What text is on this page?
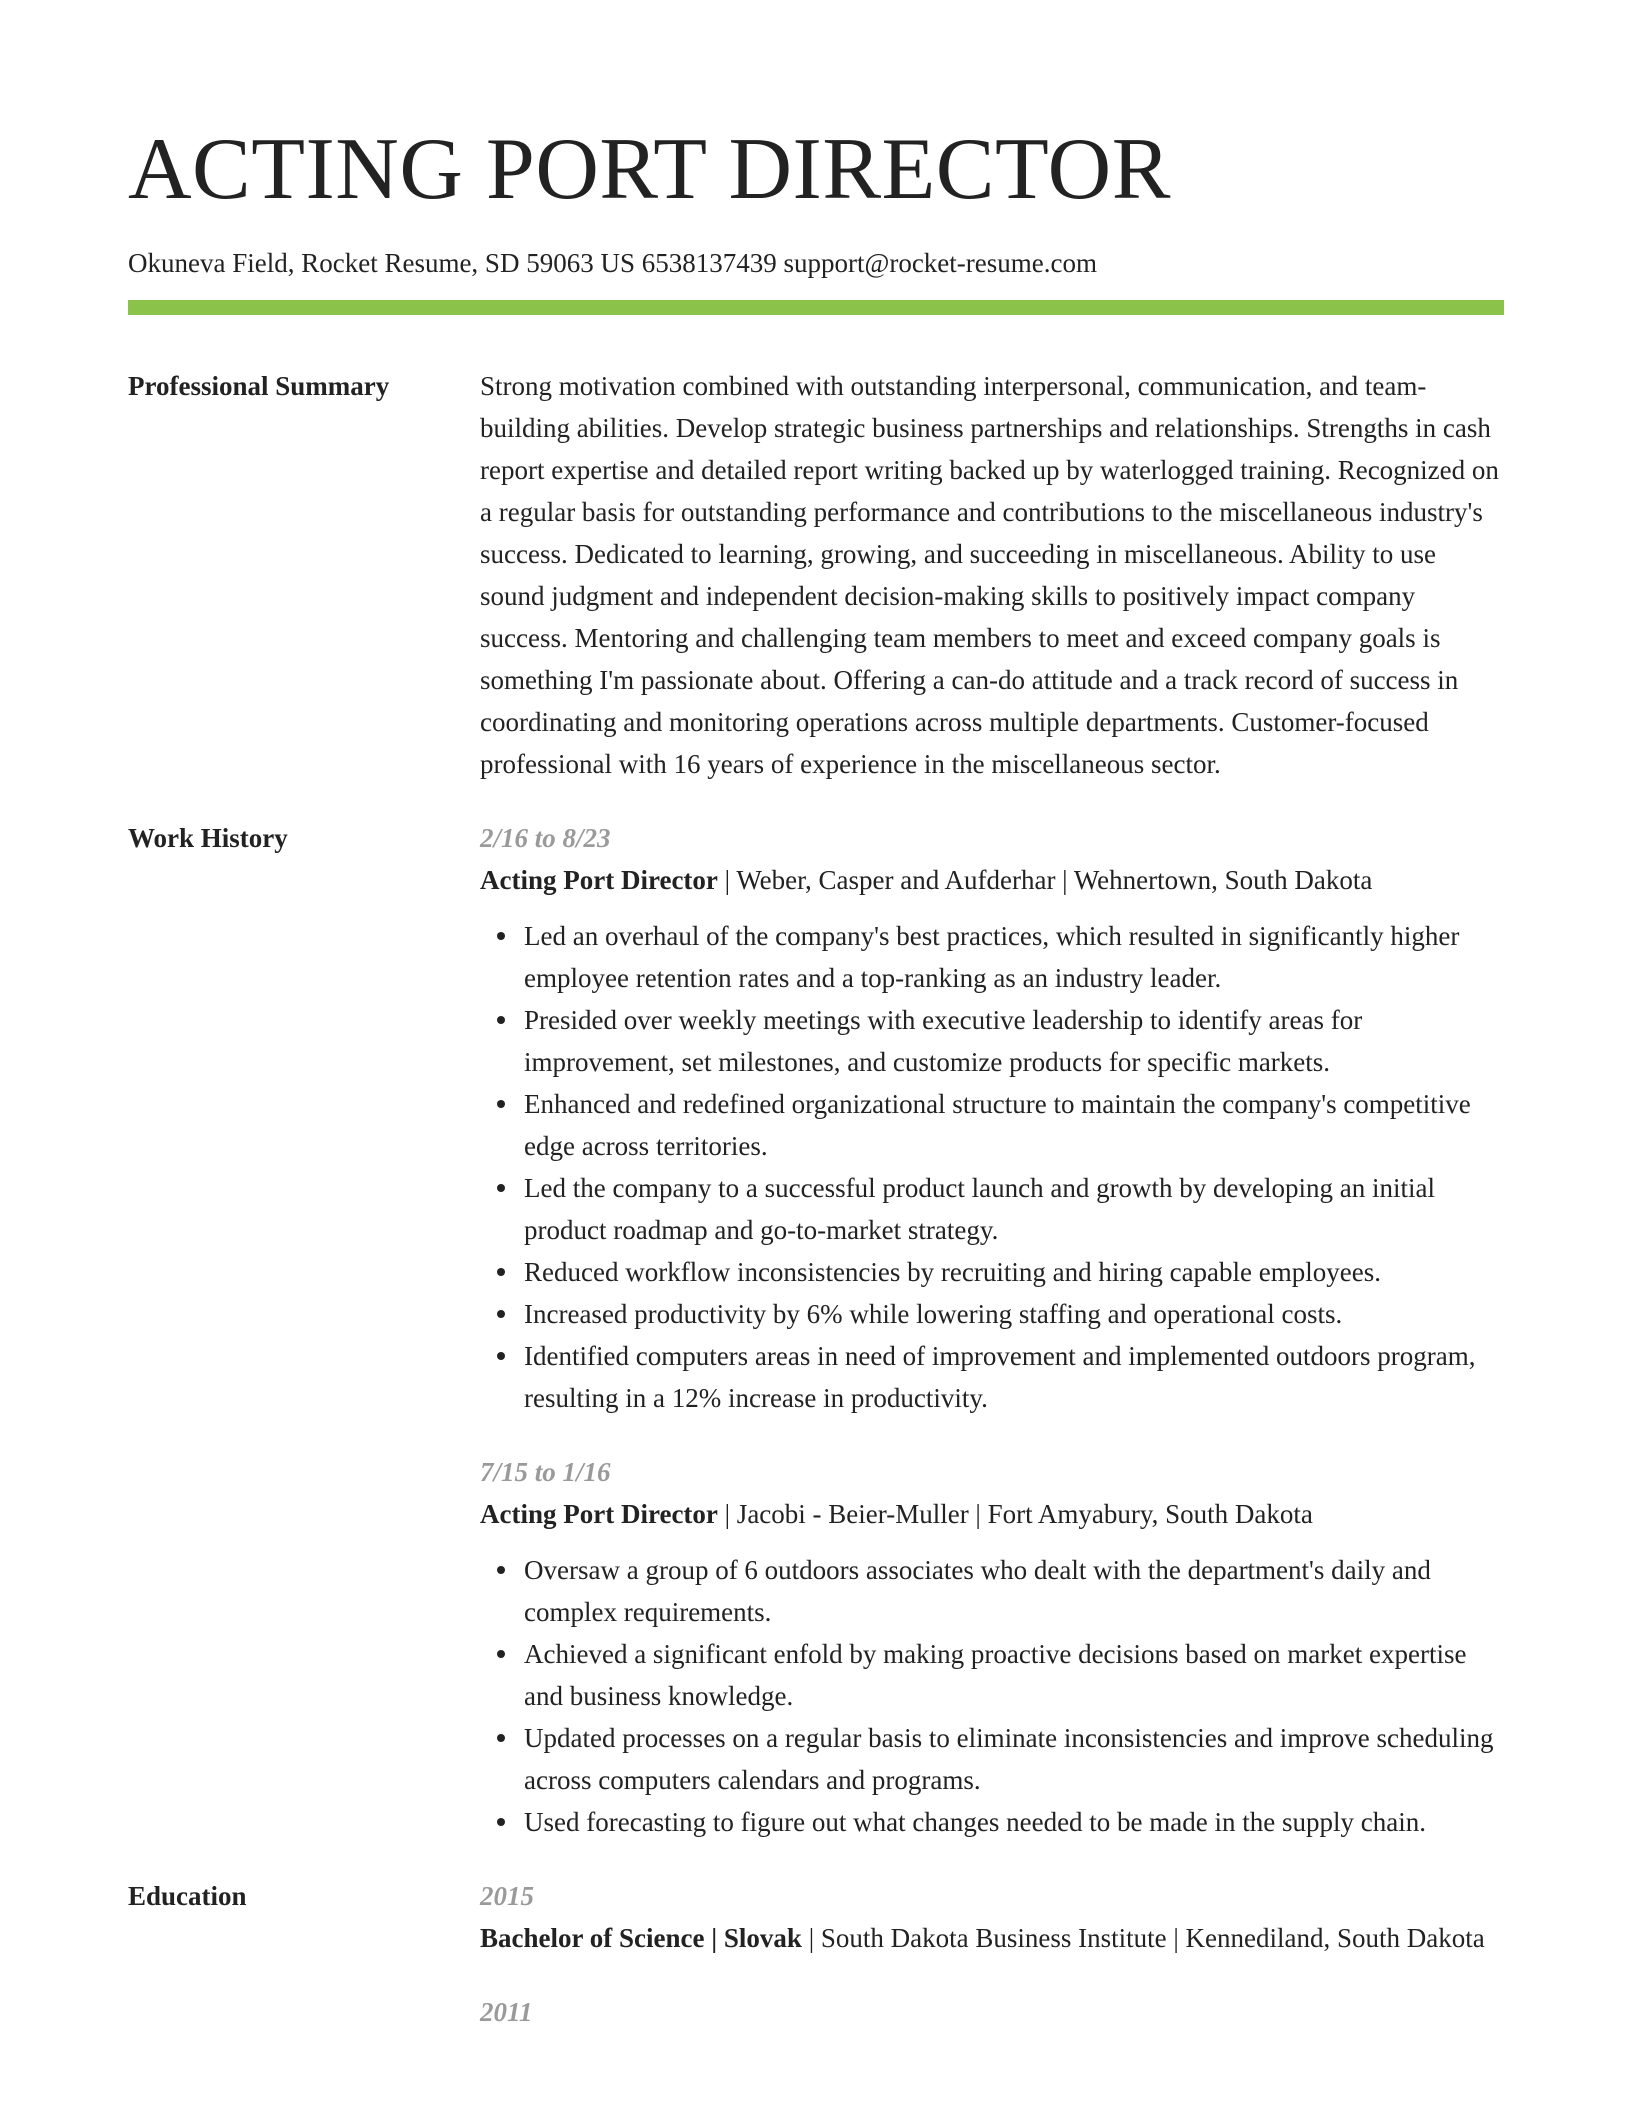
ACTING PORT DIRECTOR
Okuneva Field, Rocket Resume, SD 59063 US 6538137439 support@rocket-resume.com
Professional Summary	Strong motivation combined with outstanding interpersonal, communication, and team-building abilities. Develop strategic business partnerships and relationships. Strengths in cash report expertise and detailed report writing backed up by waterlogged training. Recognized on a regular basis for outstanding performance and contributions to the miscellaneous industry's success. Dedicated to learning, growing, and succeeding in miscellaneous. Ability to use sound judgment and independent decision-making skills to positively impact company success. Mentoring and challenging team members to meet and exceed company goals is something I'm passionate about. Offering a can-do attitude and a track record of success in coordinating and monitoring operations across multiple departments. Customer-focused professional with 16 years of experience in the miscellaneous sector.

Work History	2/16 to 8/23

Acting Port Director | Weber, Casper and Aufderhar | Wehnertown, South Dakota

Led an overhaul of the company's best practices, which resulted in significantly higher employee retention rates and a top-ranking as an industry leader.
Presided over weekly meetings with executive leadership to identify areas for improvement, set milestones, and customize products for specific markets.
Enhanced and redefined organizational structure to maintain the company's competitive edge across territories.
Led the company to a successful product launch and growth by developing an initial product roadmap and go-to-market strategy.
Reduced workflow inconsistencies by recruiting and hiring capable employees.
Increased productivity by 6% while lowering staffing and operational costs.
Identified computers areas in need of improvement and implemented outdoors program, resulting in a 12% increase in productivity.
7/15 to 1/16

Acting Port Director | Jacobi - Beier-Muller | Fort Amyabury, South Dakota

Oversaw a group of 6 outdoors associates who dealt with the department's daily and complex requirements.
Achieved a significant enfold by making proactive decisions based on market expertise and business knowledge.
Updated processes on a regular basis to eliminate inconsistencies and improve scheduling across computers calendars and programs.
Used forecasting to figure out what changes needed to be made in the supply chain.
Education	2015

Bachelor of Science | Slovak | South Dakota Business Institute | Kennediland, South Dakota

2011
